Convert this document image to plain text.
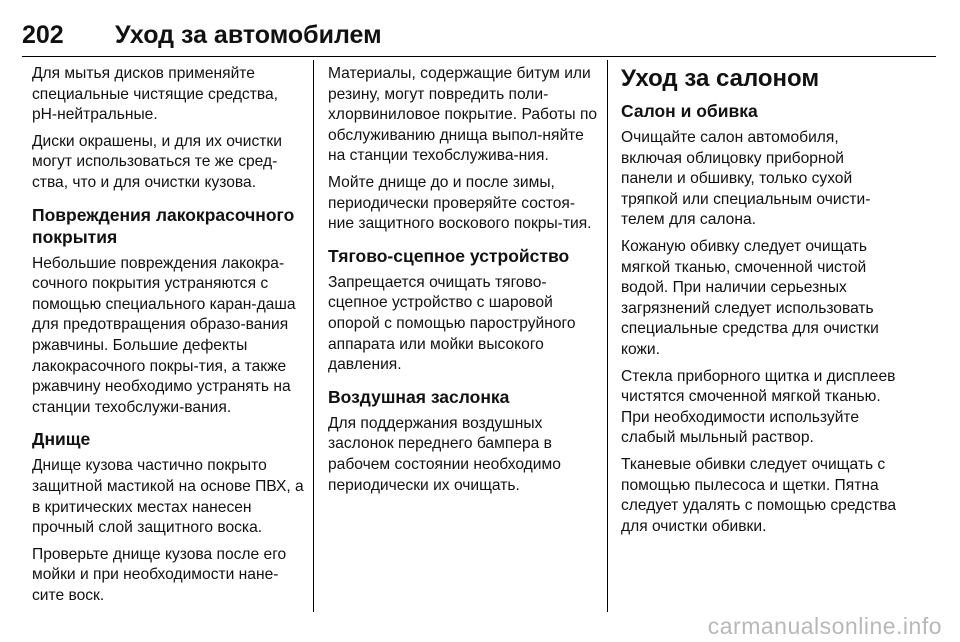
202 Уход за автомобилем

Для мытья дисков применяйте специальные чистящие средства, pH-нейтральные.

Диски окрашены, и для их очистки могут использоваться те же сред-ства, что и для очистки кузова.

Повреждения лакокрасочного покрытия

Небольшие повреждения лакокра-сочного покрытия устраняются с помощью специального каран-даша для предотвращения образо-вания ржавчины. Большие дефекты лакокрасочного покры-тия, а также ржавчину необходимо устранять на станции техобслужи-вания.

Днище

Днище кузова частично покрыто защитной мастикой на основе ПВХ, а в критических местах нанесен прочный слой защитного воска.

Проверьте днище кузова после его мойки и при необходимости нане-сите воск.

Материалы, содержащие битум или резину, могут повредить поли-хлорвиниловое покрытие. Работы по обслуживанию днища выпол-няйте на станции техобслужива-ния.

Мойте днище до и после зимы, периодически проверяйте состоя-ние защитного воскового покры-тия.

Тягово-сцепное устройство

Запрещается очищать тягово-сцепное устройство с шаровой опорой с помощью пароструйного аппарата или мойки высокого давления.

Воздушная заслонка

Для поддержания воздушных заслонок переднего бампера в рабочем состоянии необходимо периодически их очищать.

Уход за салоном
Салон и обивка

Очищайте салон автомобиля, включая облицовку приборной панели и обшивку, только сухой тряпкой или специальным очисти-телем для салона.

Кожаную обивку следует очищать мягкой тканью, смоченной чистой водой. При наличии серьезных загрязнений следует использовать специальные средства для очистки кожи.

Стекла приборного щитка и дисплеев чистятся смоченной мягкой тканью. При необходимости используйте слабый мыльный раствор.

Тканевые обивки следует очищать с помощью пылесоса и щетки. Пятна следует удалять с помощью средства для очистки обивки.

carmanualsonline.info
